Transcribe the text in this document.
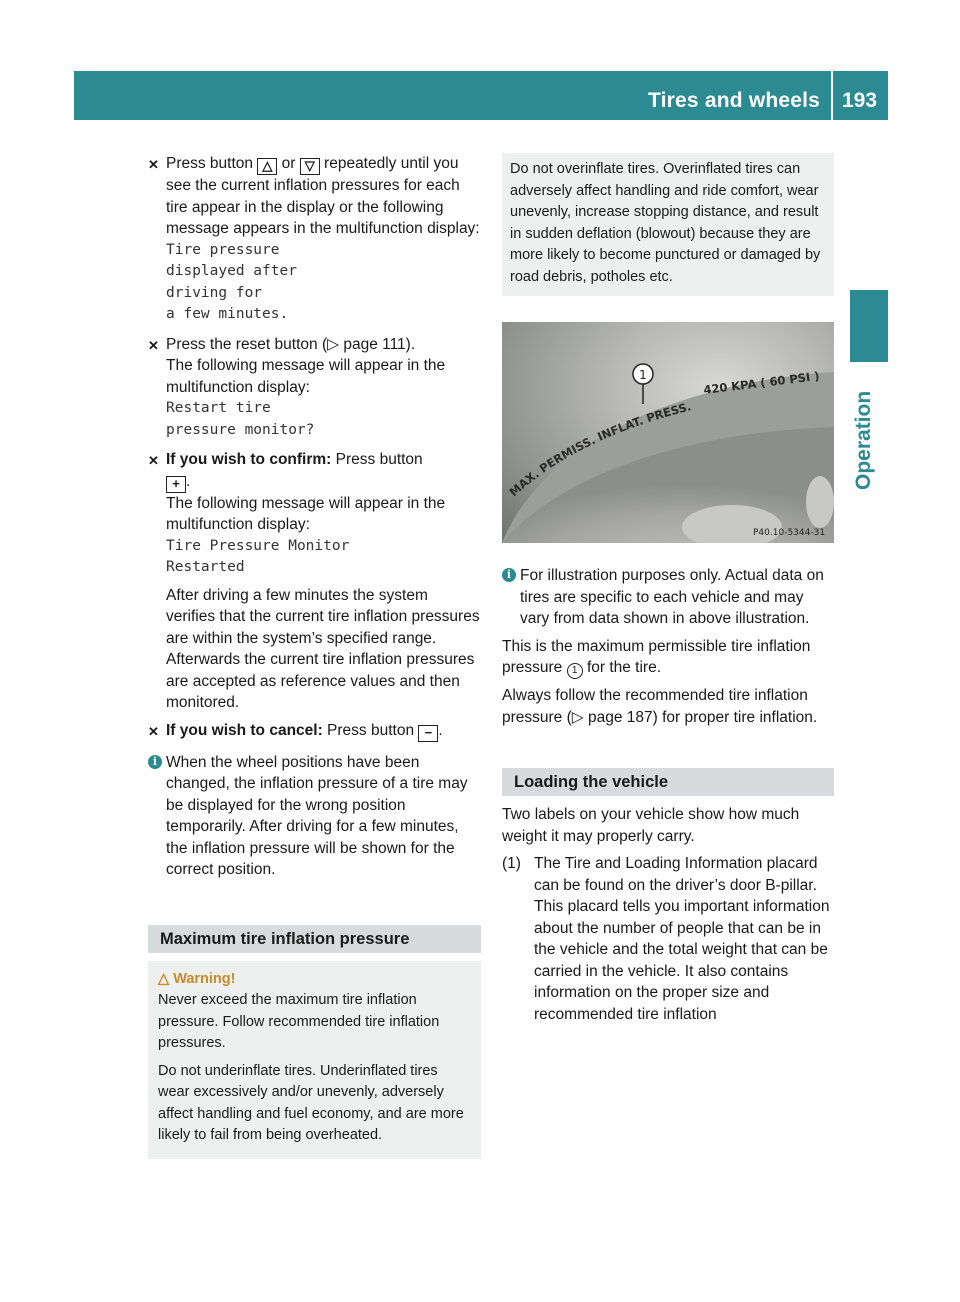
Tires and wheels 193
Operation
✕ Press button △ or ▽ repeatedly until you see the current inflation pressures for each tire appear in the display or the following message appears in the multifunction display:
Tire pressure
displayed after
driving for
a few minutes.
✕ Press the reset button (▷ page 111).
The following message will appear in the multifunction display:
Restart tire
pressure monitor?
✕ If you wish to confirm: Press button
+ .
The following message will appear in the multifunction display:
Tire Pressure Monitor
Restarted
After driving a few minutes the system verifies that the current tire inflation pressures are within the system’s specified range. Afterwards the current tire inflation pressures are accepted as reference values and then monitored.
✕ If you wish to cancel: Press button − .
i When the wheel positions have been changed, the inflation pressure of a tire may be displayed for the wrong position temporarily. After driving for a few minutes, the inflation pressure will be shown for the correct position.
Maximum tire inflation pressure
△ Warning!

Never exceed the maximum tire inflation pressure. Follow recommended tire inflation pressures.

Do not underinflate tires. Underinflated tires wear excessively and/or unevenly, adversely affect handling and fuel economy, and are more likely to fail from being overheated.

Do not overinflate tires. Overinflated tires can adversely affect handling and ride comfort, wear unevenly, increase stopping distance, and result in sudden deflation (blowout) because they are more likely to become punctured or damaged by road debris, potholes etc.
MAX. PERMISS. INFLAT. PRESS.
420 KPA ( 60 PSI )
1
P40.10-5344-31
i For illustration purposes only. Actual data on tires are specific to each vehicle and may vary from data shown in above illustration.
This is the maximum permissible tire inflation pressure 1 for the tire.
Always follow the recommended tire inflation pressure (▷ page 187) for proper tire inflation.
Loading the vehicle
Two labels on your vehicle show how much weight it may properly carry.
(1) The Tire and Loading Information placard can be found on the driver’s door B-pillar. This placard tells you important information about the number of people that can be in the vehicle and the total weight that can be carried in the vehicle. It also contains information on the proper size and recommended tire inflation
